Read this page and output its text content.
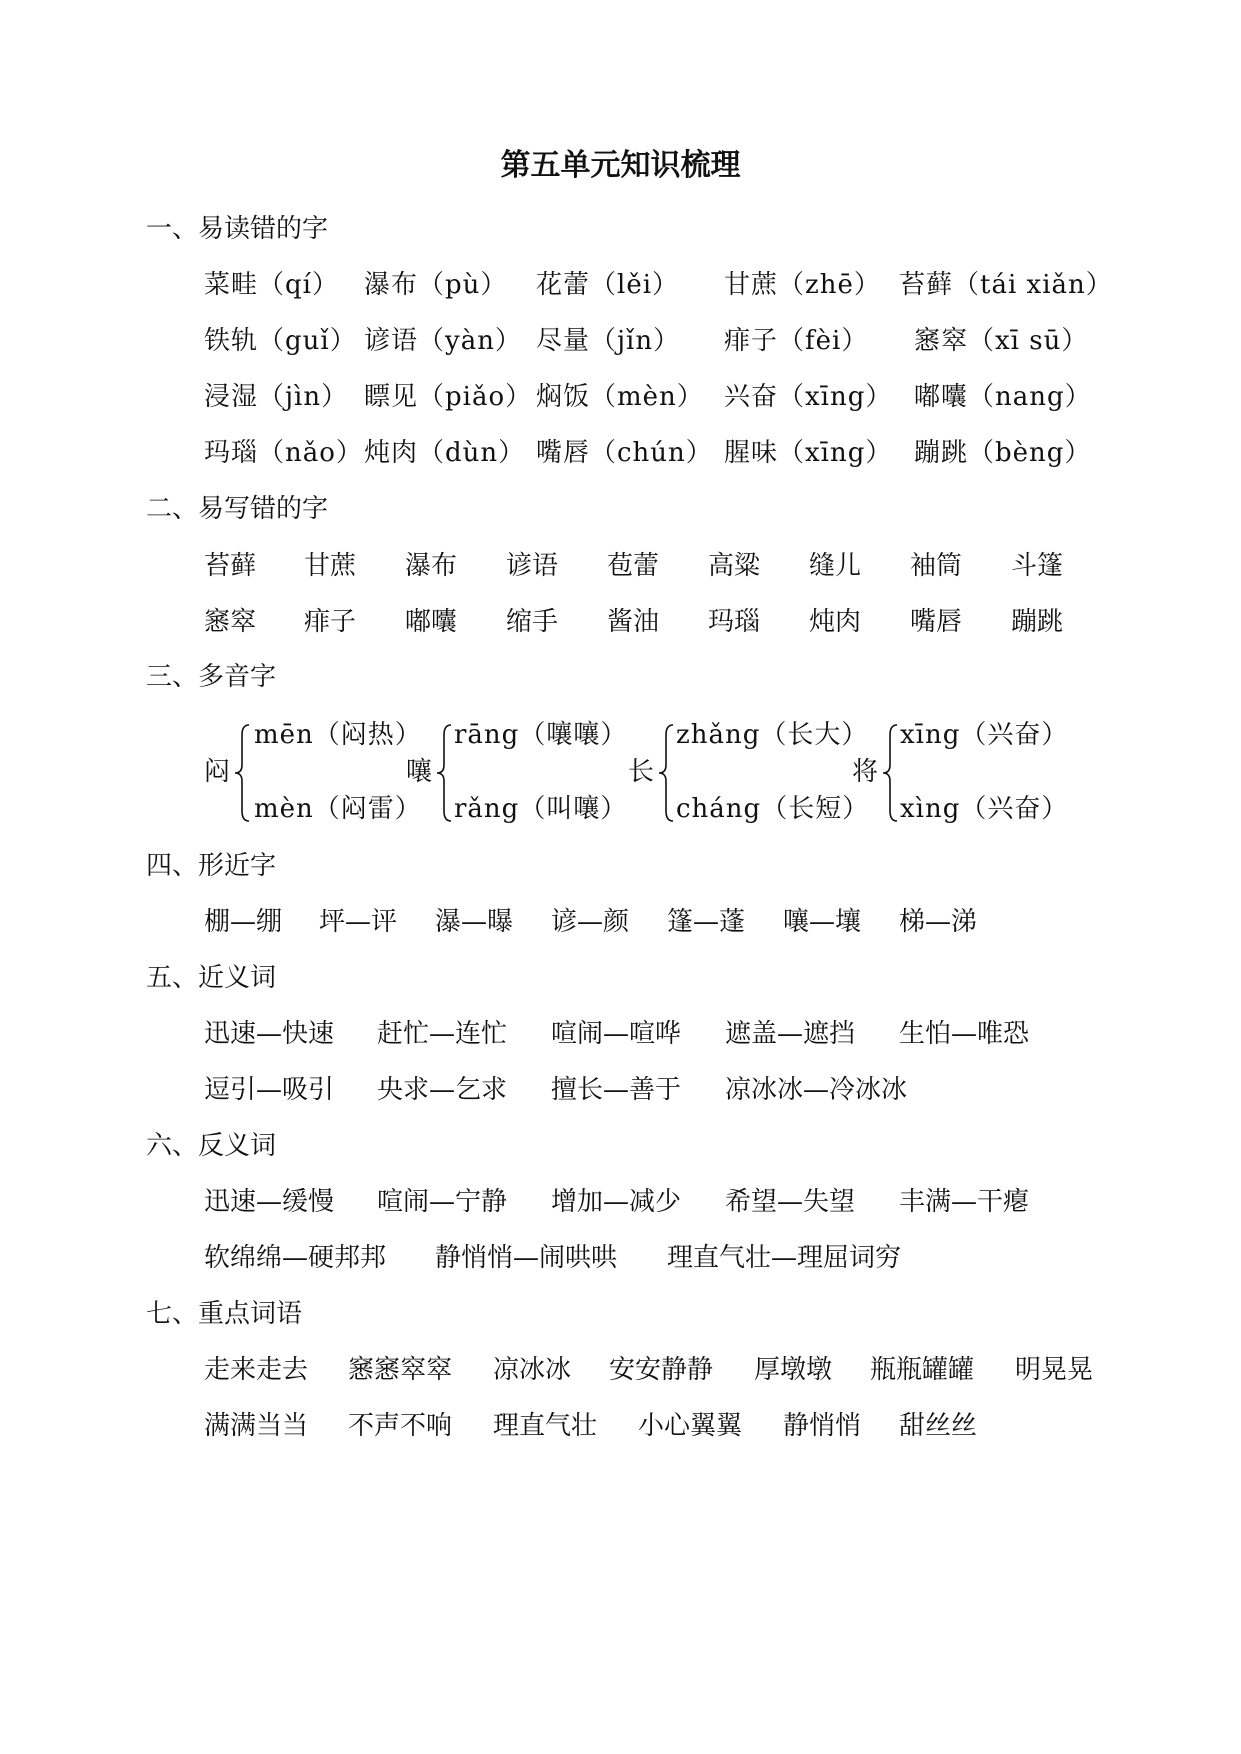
第五单元知识梳理
一、易读错的字
菜畦（qí） 瀑布（pù） 花蕾（lěi） 甘蔗（zhē） 苔藓（tái xiǎn）
铁轨（guǐ） 谚语（yàn） 尽量（jǐn） 痱子（fèi） 窸窣（xī sū）
浸湿（jìn） 瞟见（piǎo） 焖饭（mèn） 兴奋（xīng） 嘟囔（nang）
玛瑙（nǎo） 炖肉（dùn） 嘴唇（chún） 腥味（xīng） 蹦跳（bèng）
二、易写错的字
苔藓 甘蔗 瀑布 谚语 苞蕾 高粱 缝儿 袖筒 斗篷
窸窣 痱子 嘟囔 缩手 酱油 玛瑙 炖肉 嘴唇 蹦跳
三、多音字
闷
mēn（闷热）
mèn（闷雷）
嚷
rāng（嚷嚷）
rǎng（叫嚷）
长
zhǎng（长大）
cháng（长短）
将
xīng（兴奋）
xìng（兴奋）
四、形近字
棚—绷 坪—评 瀑—曝 谚—颜 篷—蓬 嚷—壤 梯—涕
五、近义词
迅速—快速 赶忙—连忙 喧闹—喧哗 遮盖—遮挡 生怕—唯恐
逗引—吸引 央求—乞求 擅长—善于 凉冰冰—冷冰冰
六、反义词
迅速—缓慢 喧闹—宁静 增加—减少 希望—失望 丰满—干瘪
软绵绵—硬邦邦 静悄悄—闹哄哄 理直气壮—理屈词穷
七、重点词语
走来走去 窸窸窣窣 凉冰冰 安安静静 厚墩墩 瓶瓶罐罐 明晃晃
满满当当 不声不响 理直气壮 小心翼翼 静悄悄 甜丝丝
